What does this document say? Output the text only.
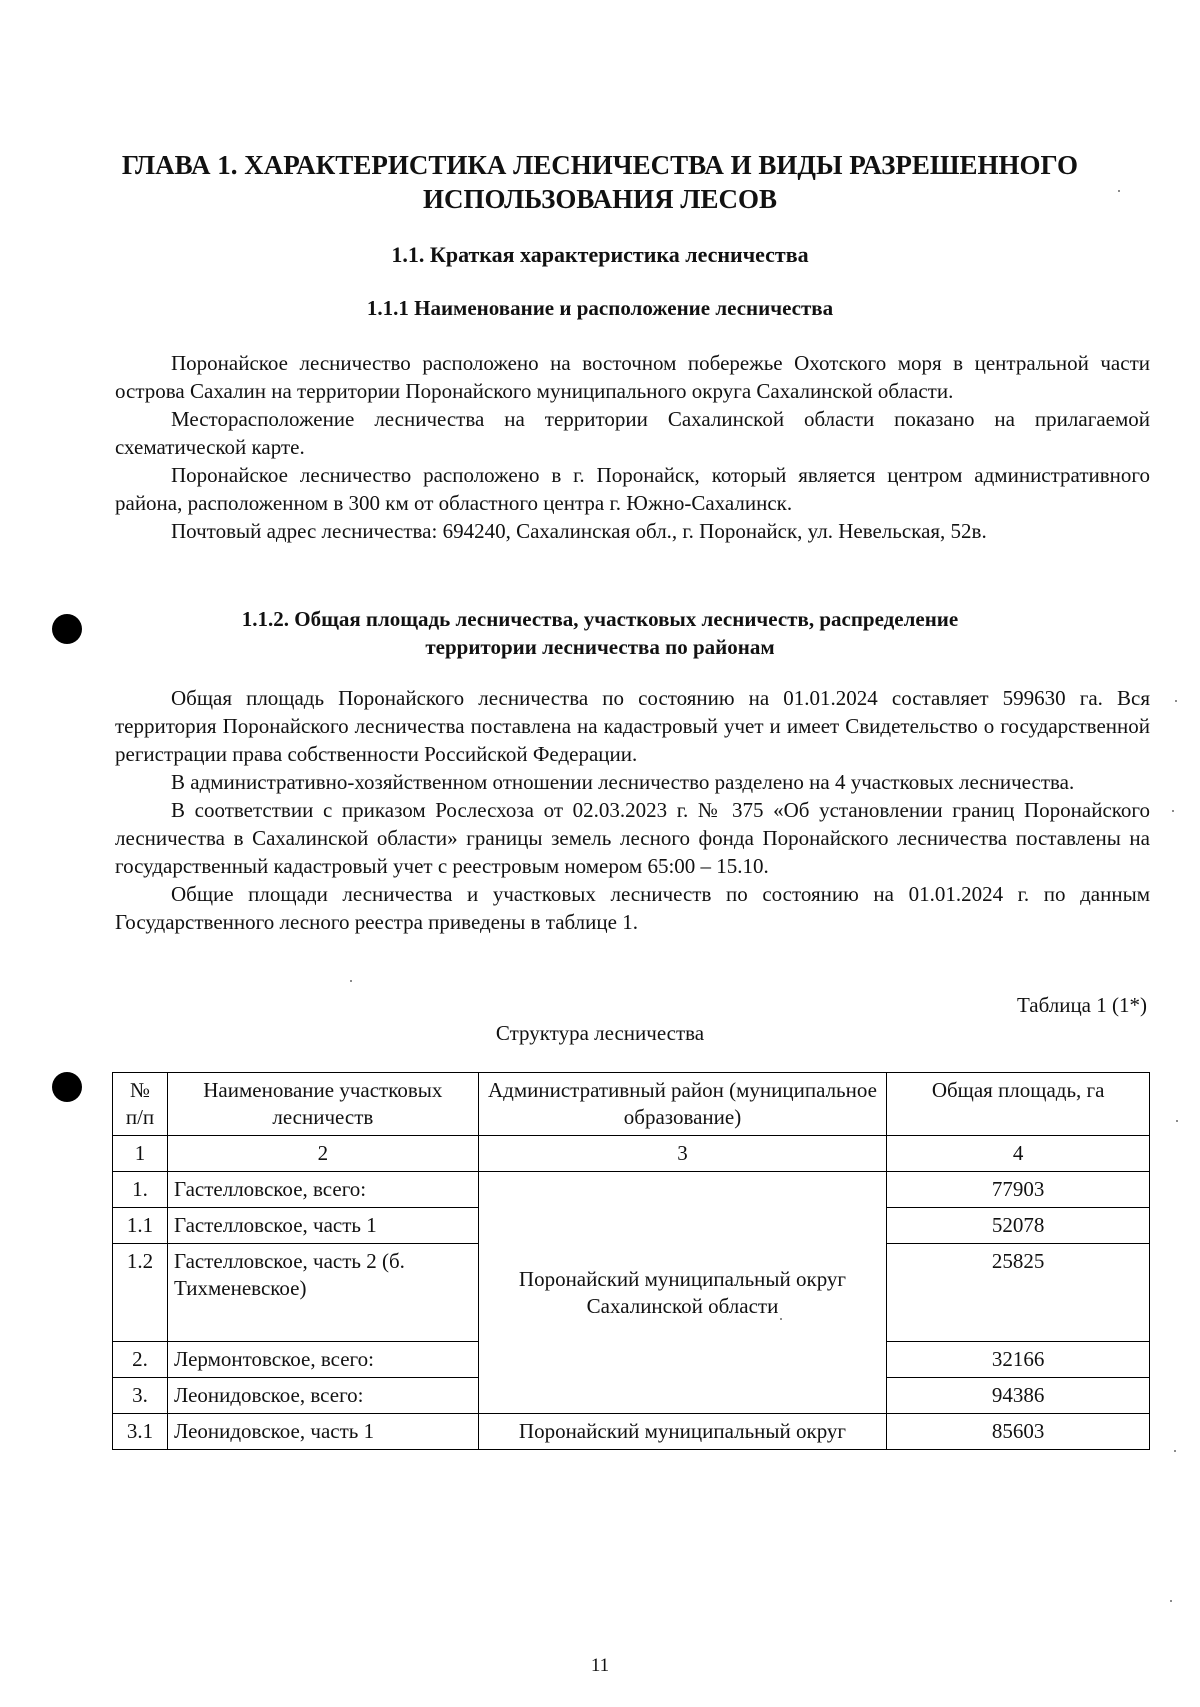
ГЛАВА 1. ХАРАКТЕРИСТИКА ЛЕСНИЧЕСТВА И ВИДЫ РАЗРЕШЕННОГО ИСПОЛЬЗОВАНИЯ ЛЕСОВ
1.1. Краткая характеристика лесничества
1.1.1 Наименование и расположение лесничества

Поронайское лесничество расположено на восточном побережье Охотского моря в центральной части острова Сахалин на территории Поронайского муниципального округа Сахалинской области.

Месторасположение лесничества на территории Сахалинской области показано на прилагаемой схематической карте.

Поронайское лесничество расположено в г. Поронайск, который является центром административного района, расположенном в 300 км от областного центра г. Южно-Сахалинск.

Почтовый адрес лесничества: 694240, Сахалинская обл., г. Поронайск, ул. Невельская, 52в.

1.1.2. Общая площадь лесничества, участковых лесничеств, распределение территории лесничества по районам

Общая площадь Поронайского лесничества по состоянию на 01.01.2024 составляет 599630 га. Вся территория Поронайского лесничества поставлена на кадастровый учет и имеет Свидетельство о государственной регистрации права собственности Российской Федерации.

В административно-хозяйственном отношении лесничество разделено на 4 участковых лесничества.

В соответствии с приказом Рослесхоза от 02.03.2023 г. № 375 «Об установлении границ Поронайского лесничества в Сахалинской области» границы земель лесного фонда Поронайского лесничества поставлены на государственный кадастровый учет с реестровым номером 65:00 – 15.10.

Общие площади лесничества и участковых лесничеств по состоянию на 01.01.2024 г. по данным Государственного лесного реестра приведены в таблице 1.

Таблица 1 (1*)
Структура лесничества
№ п/п	Наименование участковых лесничеств	Административный район (муниципальное образование)	Общая площадь, га
1	2	3	4
1.	Гастелловское, всего:	Поронайский муниципальный округ Сахалинской области	77903
1.1	Гастелловское, часть 1		52078
1.2	Гастелловское, часть 2 (б. Тихменевское)		25825
2.	Лермонтовское, всего:		32166
3.	Леонидовское, всего:		94386
3.1	Леонидовское, часть 1	Поронайский муниципальный округ	85603
11
